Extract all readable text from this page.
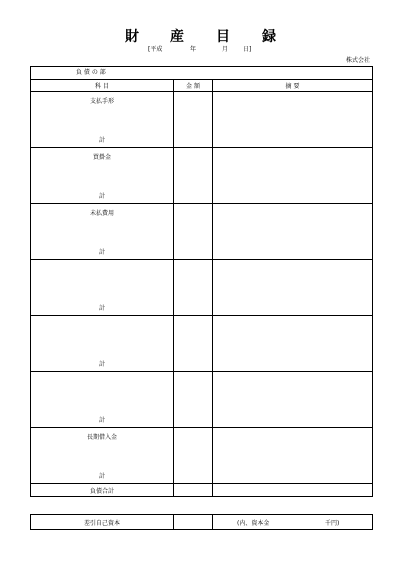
財 産 目 録
[平成	年	月 日]
株式会社
負 債 の 部		
科 目	金 額	摘 要

支払手形
計		

買掛金
計		

未払費用
計		

計		

計		

計		

長期借入金
計		

負債合計		
差引自己資本		(内、資本金	千円)
